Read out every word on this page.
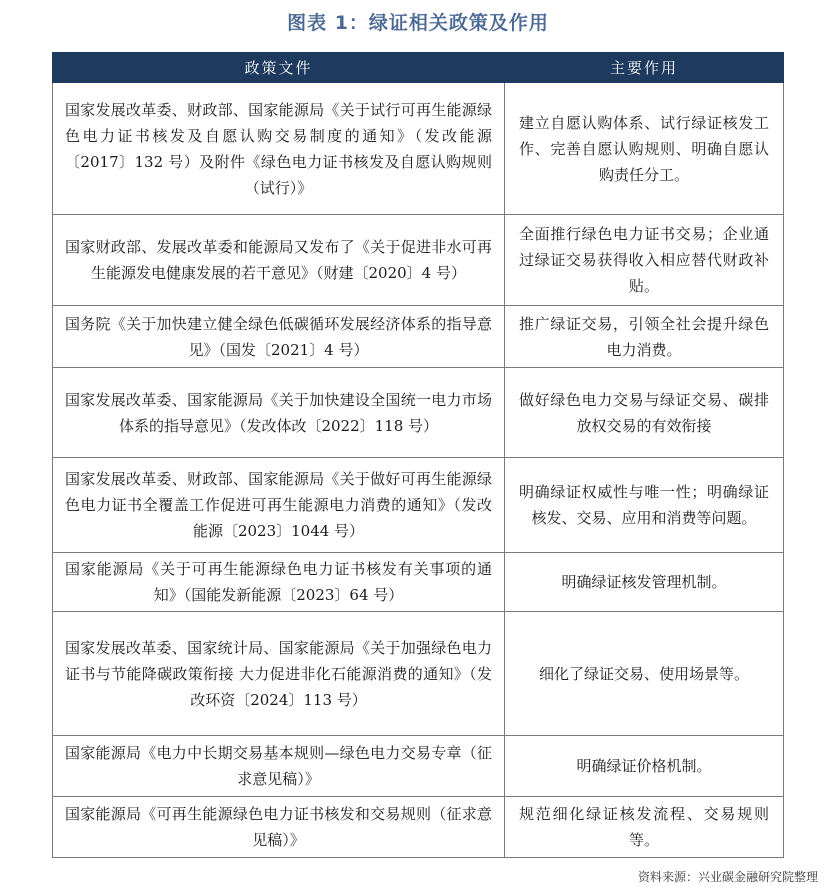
图表 1：绿证相关政策及作用
政策文件	主要作用
国家发展改革委、财政部、国家能源局《关于试行可再生能源绿色电力证书核发及自愿认购交易制度的通知》（发改能源〔2017〕132 号）及附件《绿色电力证书核发及自愿认购规则（试行）》	建立自愿认购体系、试行绿证核发工作、完善自愿认购规则、明确自愿认购责任分工。
国家财政部、发展改革委和能源局又发布了《关于促进非水可再生能源发电健康发展的若干意见》（财建〔2020〕4 号）	全面推行绿色电力证书交易；企业通过绿证交易获得收入相应替代财政补贴。
国务院《关于加快建立健全绿色低碳循环发展经济体系的指导意见》（国发〔2021〕4 号）	推广绿证交易，引领全社会提升绿色电力消费。
国家发展改革委、国家能源局《关于加快建设全国统一电力市场体系的指导意见》（发改体改〔2022〕118 号）	做好绿色电力交易与绿证交易、碳排放权交易的有效衔接
国家发展改革委、财政部、国家能源局《关于做好可再生能源绿色电力证书全覆盖工作促进可再生能源电力消费的通知》（发改能源〔2023〕1044 号）	明确绿证权威性与唯一性；明确绿证核发、交易、应用和消费等问题。
国家能源局《关于可再生能源绿色电力证书核发有关事项的通知》（国能发新能源〔2023〕64 号）	明确绿证核发管理机制。
国家发展改革委、国家统计局、国家能源局《关于加强绿色电力证书与节能降碳政策衔接 大力促进非化石能源消费的通知》（发改环资〔2024〕113 号）	细化了绿证交易、使用场景等。
国家能源局《电力中长期交易基本规则—绿色电力交易专章（征求意见稿）》	明确绿证价格机制。
国家能源局《可再生能源绿色电力证书核发和交易规则（征求意见稿）》	规范细化绿证核发流程、交易规则等。
资料来源：兴业碳金融研究院整理
